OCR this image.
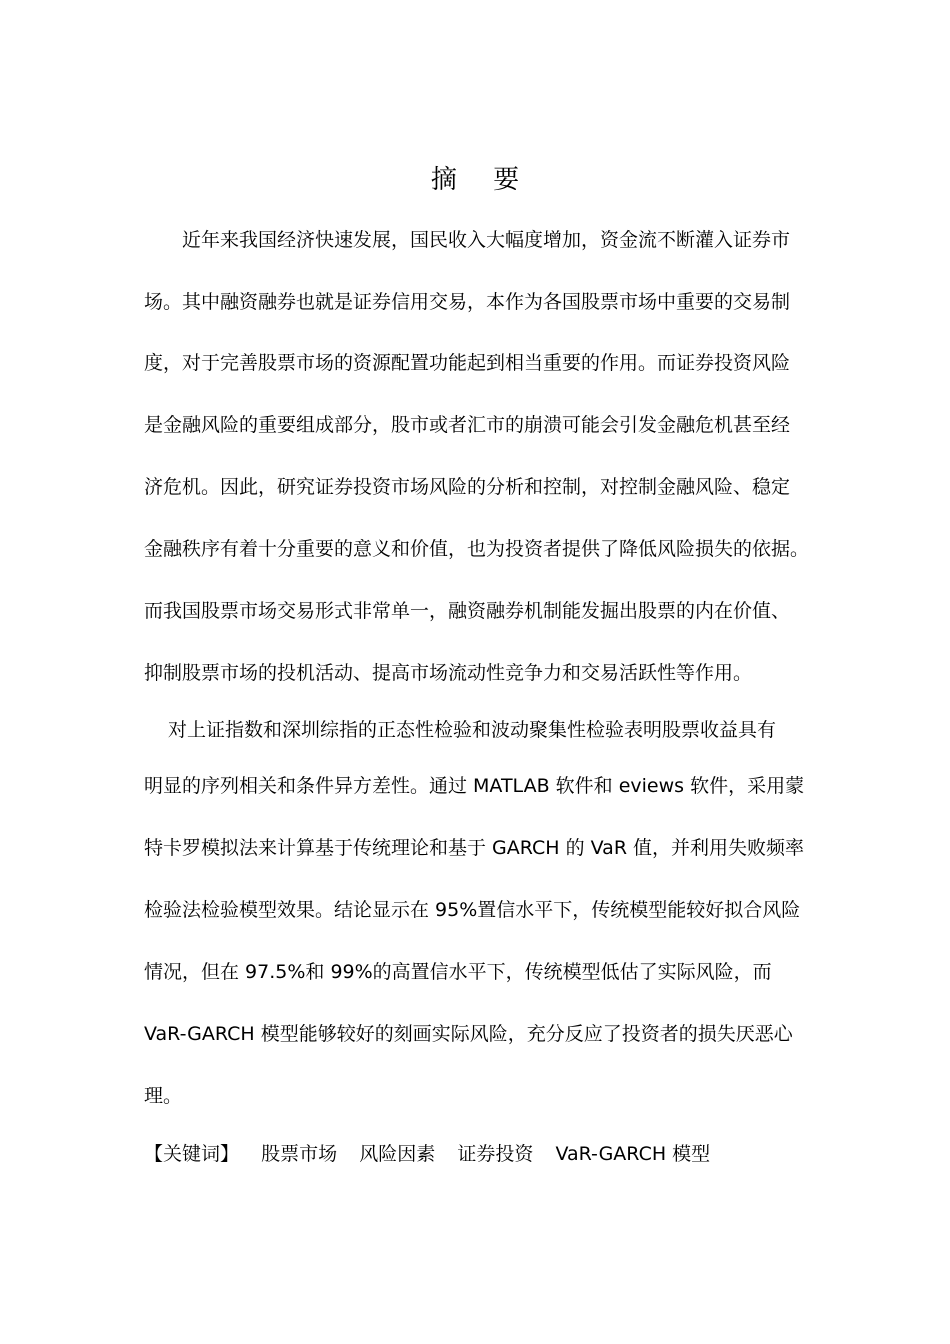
摘 要
近年来我国经济快速发展，国民收入大幅度增加，资金流不断灌入证券市
场。其中融资融券也就是证券信用交易，本作为各国股票市场中重要的交易制
度，对于完善股票市场的资源配置功能起到相当重要的作用。而证券投资风险
是金融风险的重要组成部分，股市或者汇市的崩溃可能会引发金融危机甚至经
济危机。因此，研究证券投资市场风险的分析和控制，对控制金融风险、稳定
金融秩序有着十分重要的意义和价值，也为投资者提供了降低风险损失的依据。
而我国股票市场交易形式非常单一，融资融券机制能发掘出股票的内在价值、
抑制股票市场的投机活动、提高市场流动性竞争力和交易活跃性等作用。
对上证指数和深圳综指的正态性检验和波动聚集性检验表明股票收益具有
明显的序列相关和条件异方差性。通过 MATLAB 软件和 eviews 软件，采用蒙
特卡罗模拟法来计算基于传统理论和基于 GARCH 的 VaR 值，并利用失败频率
检验法检验模型效果。结论显示在 95%置信水平下，传统模型能较好拟合风险
情况，但在 97.5%和 99%的高置信水平下，传统模型低估了实际风险，而
VaR-GARCH 模型能够较好的刻画实际风险，充分反应了投资者的损失厌恶心
理。
【关键词】 股票市场 风险因素 证券投资 VaR-GARCH 模型
